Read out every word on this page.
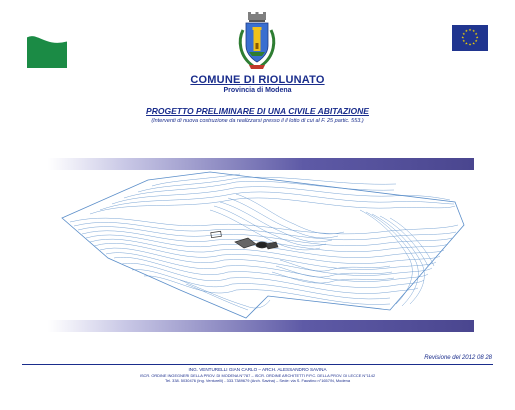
★ ★
★
★
★
★
★
★
★
★
★
★
COMUNE DI RIOLUNATO
Provincia di Modena
PROGETTO PRELIMINARE DI UNA CIVILE ABITAZIONE
(Interventi di nuova costruzione da realizzarsi presso il il lotto di cui al F. 25 partic. 553.)
Revisione del 2012 08 28
ING. VENTURELLI GIAN CARLO – ARCH. ALESSANDRO SAVINA
ISCR. ORDINE INGEGNERI DELLA PROV. DI MODENA N°787 – ISCR. ORDINE ARCHITETTI P.P.C. DELLA PROV. DI LECCE N°1142
Tel. 338. 5030476 (Ing. Venturelli) - 333.7389679 (Arch. Savina) – Sede: via S. Faustino n°1657/N, Modena
